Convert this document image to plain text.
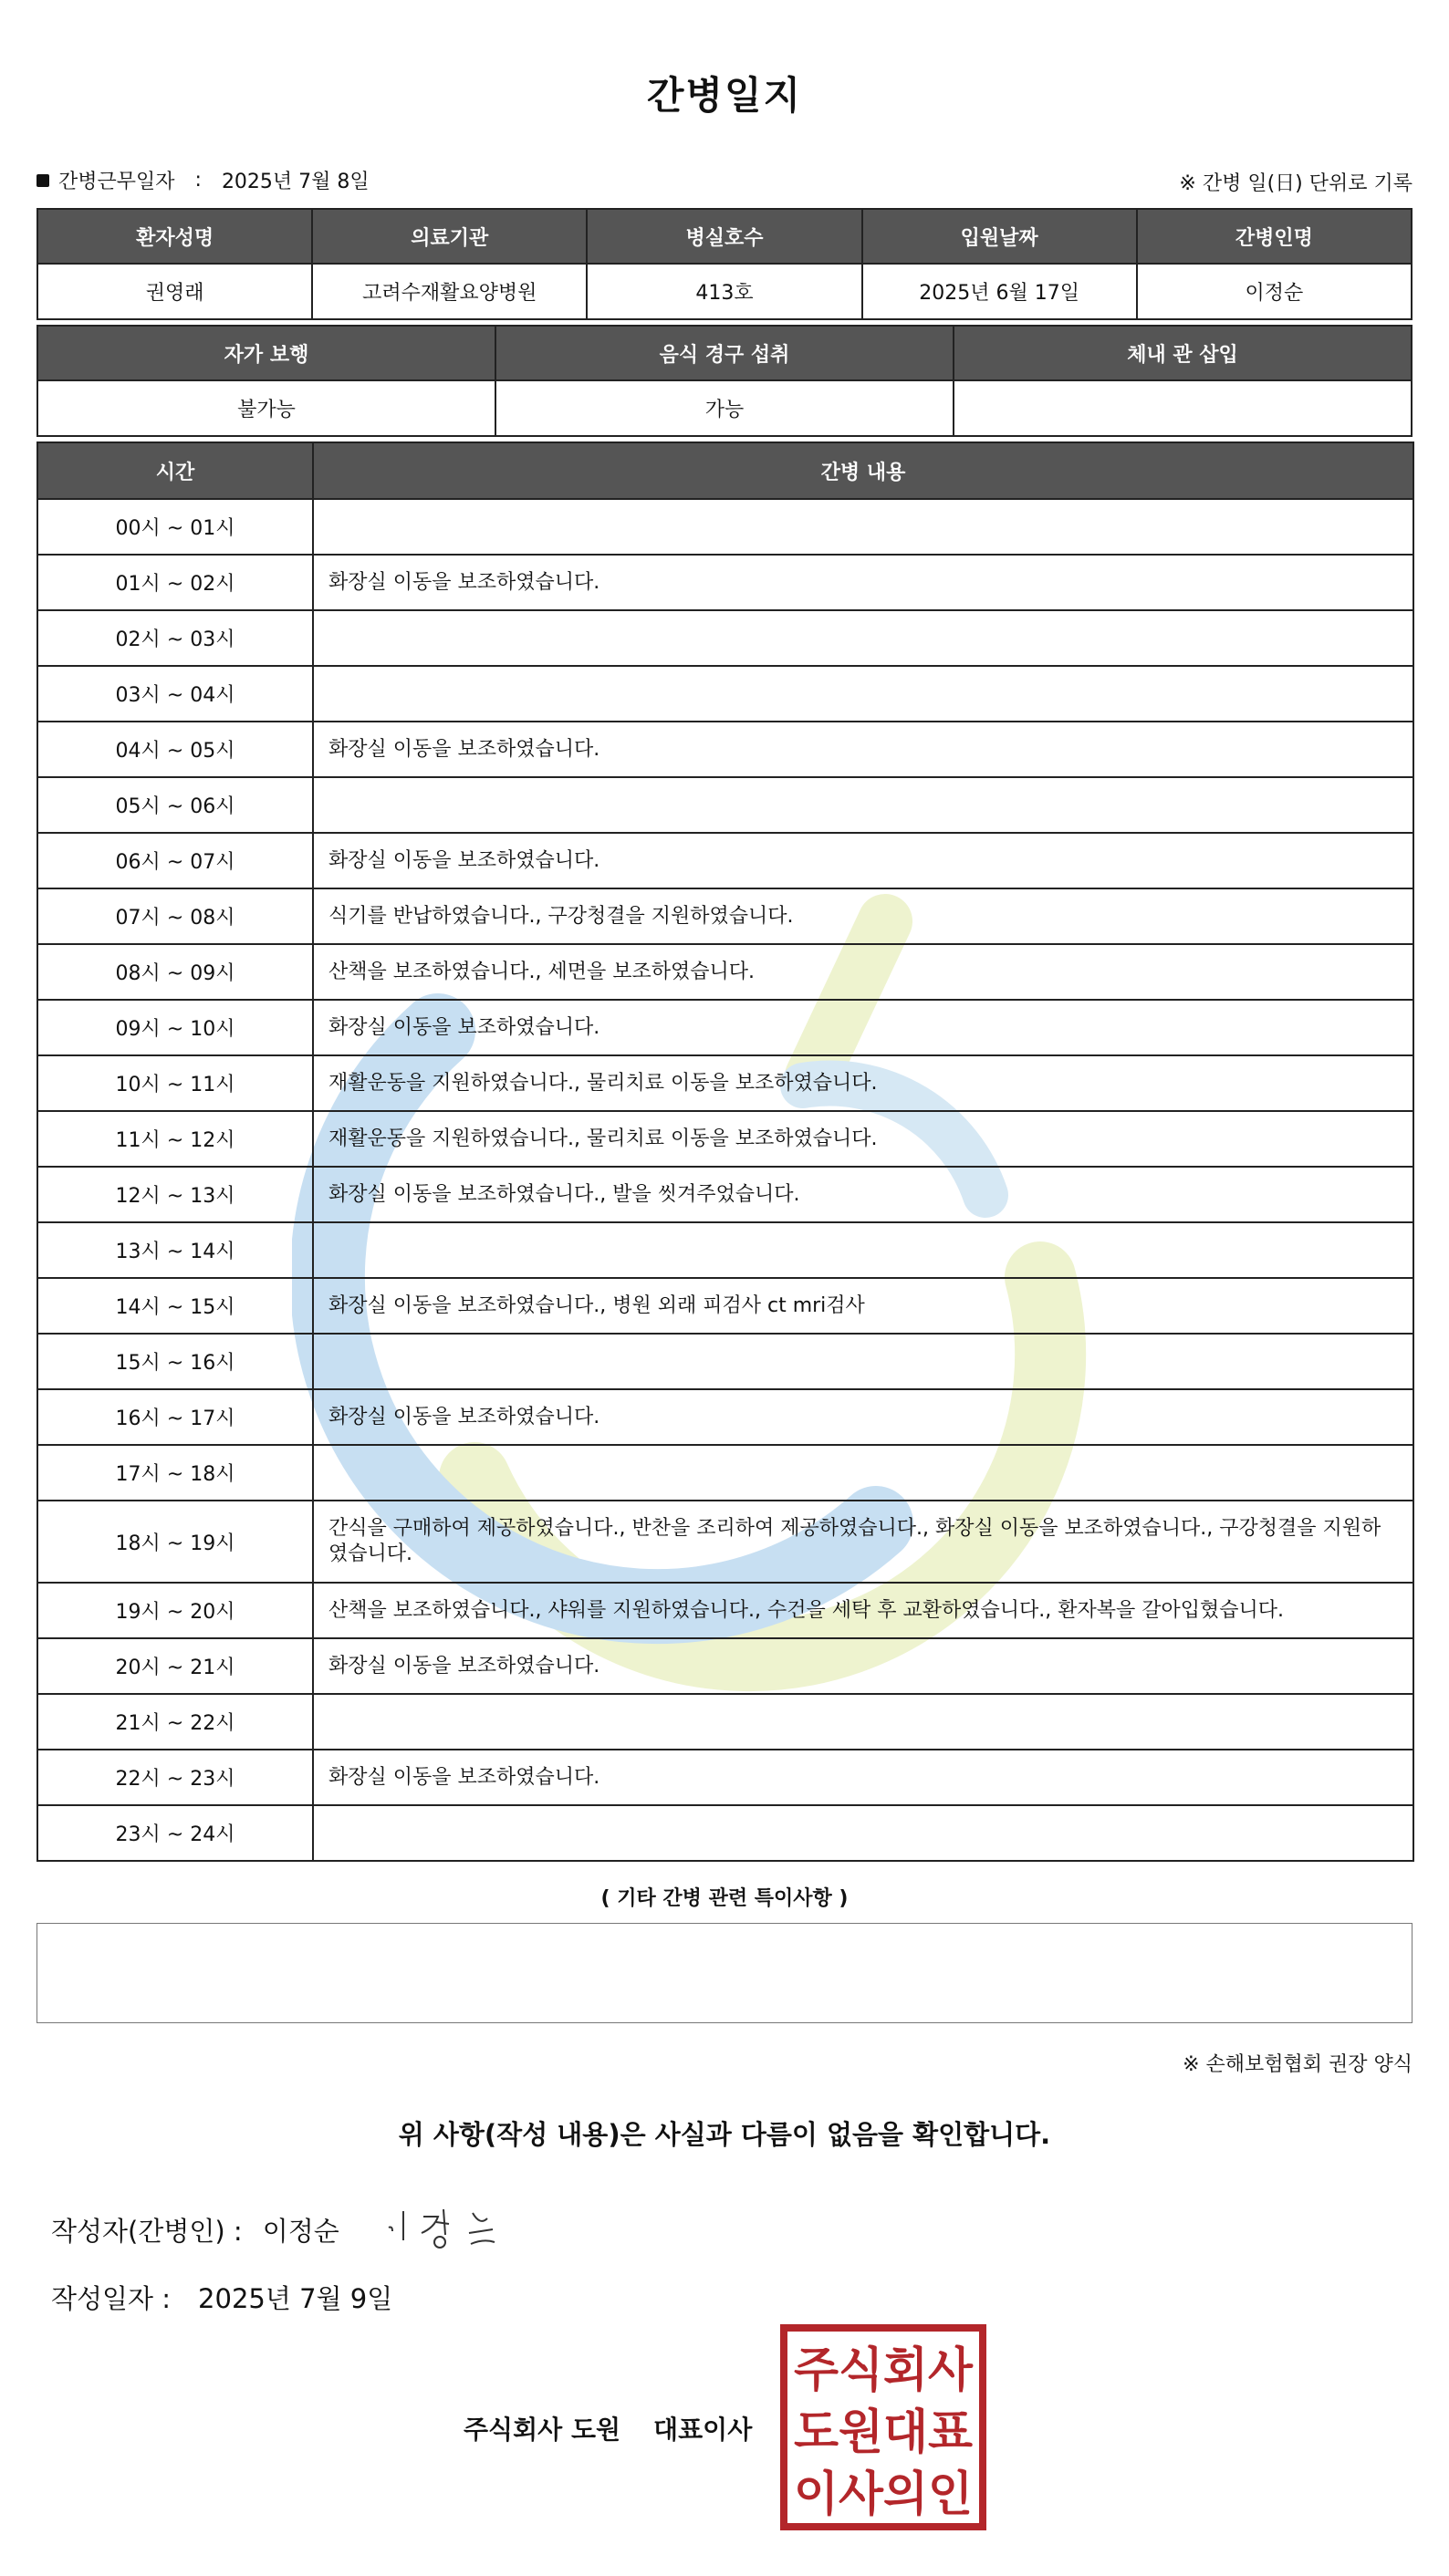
간병일지
간병근무일자 : 2025년 7월 8일	※ 간병 일(日) 단위로 기록
환자성명	의료기관	병실호수	입원날짜	간병인명
권영래	고려수재활요양병원	413호	2025년 6월 17일	이정순
자가 보행	음식 경구 섭취	체내 관 삽입
불가능	가능	
시간	간병 내용
00시 ~ 01시	
01시 ~ 02시	화장실 이동을 보조하였습니다.
02시 ~ 03시	
03시 ~ 04시	
04시 ~ 05시	화장실 이동을 보조하였습니다.
05시 ~ 06시	
06시 ~ 07시	화장실 이동을 보조하였습니다.
07시 ~ 08시	식기를 반납하였습니다., 구강청결을 지원하였습니다.
08시 ~ 09시	산책을 보조하였습니다., 세면을 보조하였습니다.
09시 ~ 10시	화장실 이동을 보조하였습니다.
10시 ~ 11시	재활운동을 지원하였습니다., 물리치료 이동을 보조하였습니다.
11시 ~ 12시	재활운동을 지원하였습니다., 물리치료 이동을 보조하였습니다.
12시 ~ 13시	화장실 이동을 보조하였습니다., 발을 씻겨주었습니다.
13시 ~ 14시	
14시 ~ 15시	화장실 이동을 보조하였습니다., 병원 외래 피검사 ct mri검사
15시 ~ 16시	
16시 ~ 17시	화장실 이동을 보조하였습니다.
17시 ~ 18시	
18시 ~ 19시	간식을 구매하여 제공하였습니다., 반찬을 조리하여 제공하였습니다., 화장실 이동을 보조하였습니다., 구강청결을 지원하였습니다.
19시 ~ 20시	산책을 보조하였습니다., 샤워를 지원하였습니다., 수건을 세탁 후 교환하였습니다., 환자복을 갈아입혔습니다.
20시 ~ 21시	화장실 이동을 보조하였습니다.
21시 ~ 22시	
22시 ~ 23시	화장실 이동을 보조하였습니다.
23시 ~ 24시	
( 기타 간병 관련 특이사항 )
※ 손해보험협회 권장 양식
위 사항(작성 내용)은 사실과 다름이 없음을 확인합니다.
작성자(간병인) : 이정순
작성일자 : 2025년 7월 9일
주식회사 도원 대표이사
주식회사
도원대표
이사의인
